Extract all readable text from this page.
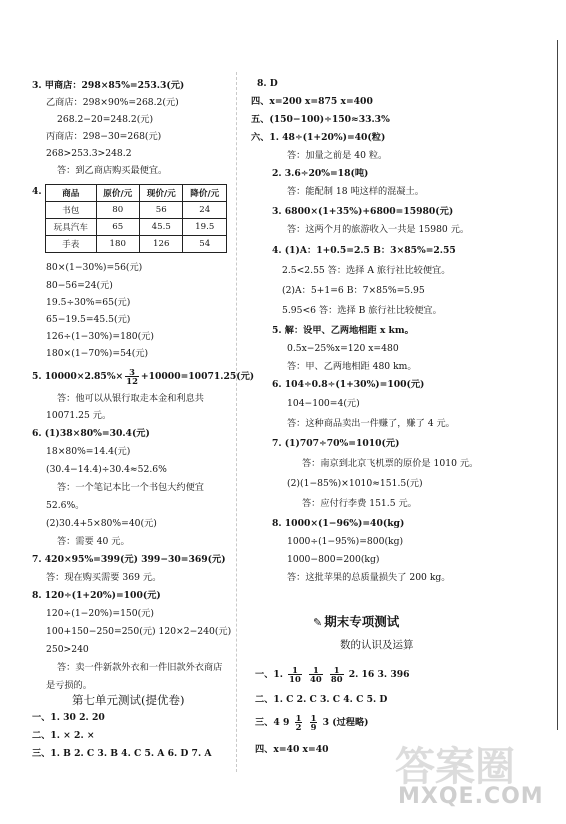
3. 甲商店：298×85%=253.3(元)
乙商店：298×90%=268.2(元)
268.2−20=248.2(元)
丙商店：298−30=268(元)
268>253.3>248.2
答：到乙商店购买最便宜。
4. 商品	原价/元	现价/元	降价/元
书包	80	56	24
玩具汽车	65	45.5	19.5
手表	180	126	54
80×(1−30%)=56(元)
80−56=24(元)
19.5÷30%=65(元)
65−19.5=45.5(元)
126÷(1−30%)=180(元)
180×(1−70%)=54(元)
5. $10000\times 2.85\%\times \frac{3}{12} +10000=10071.25$(元)
答：他可以从银行取走本金和利息共
10071.25 元。
6. (1)38×80%=30.4(元)
18×80%=14.4(元)
(30.4−14.4)÷30.4≈52.6%
答：一个笔记本比一个书包大约便宜
52.6%。
(2)30.4+5×80%=40(元)
答：需要 40 元。
7. 420×95%=399(元) 399−30=369(元)
答：现在购买需要 369 元。
8. 120÷(1+20%)=100(元)
120÷(1−20%)=150(元)
100+150−250=250(元) 120×2−240(元)
250>240
答：卖一件新款外衣和一件旧款外衣商店
是亏损的。
第七单元测试(提优卷)
一、1. 30 2. 20
二、1. × 2. ×
三、1. B 2. C 3. B 4. C 5. A 6. D 7. A
8. D
四、x=200 x=875 x=400
五、(150−100)÷150≈33.3%
六、1. 48÷(1+20%)=40(粒)
答：加量之前是 40 粒。
2. 3.6÷20%=18(吨)
答：能配制 18 吨这样的混凝土。
3. 6800×(1+35%)+6800=15980(元)
答：这两个月的旅游收入一共是 15980 元。
4. (1)A：1+0.5=2.5 B：3×85%=2.55
2.5<2.55 答：选择 A 旅行社比较便宜。
(2)A：5+1=6 B：7×85%=5.95
5.95<6 答：选择 B 旅行社比较便宜。
5. 解：设甲、乙两地相距 x km。
0.5x−25%x=120 x=480
答：甲、乙两地相距 480 km。
6. 104÷0.8÷(1+30%)=100(元)
104−100=4(元)
答：这种商品卖出一件赚了，赚了 4 元。
7. (1)707÷70%=1010(元)
答：南京到北京飞机票的原价是 1010 元。
(2)(1−85%)×1010≈151.5(元)
答：应付行李费 151.5 元。
8. 1000×(1−96%)=40(kg)
1000÷(1−95%)=800(kg)
1000−800=200(kg)
答：这批苹果的总质量损失了 200 kg。
✎ 期末专项测试
数的认识及运算
一、1. $\frac{1}{10}$
$\frac{1}{40}$
$\frac{1}{80} 2$. 16 3. 396
二、1. C 2. C 3. C 4. C 5. D
三、4 $9 \frac{1}{2}$
$\frac{1}{9} 3$ (过程略)
四、x=40 x=40 答案圈
MXQE.COM
